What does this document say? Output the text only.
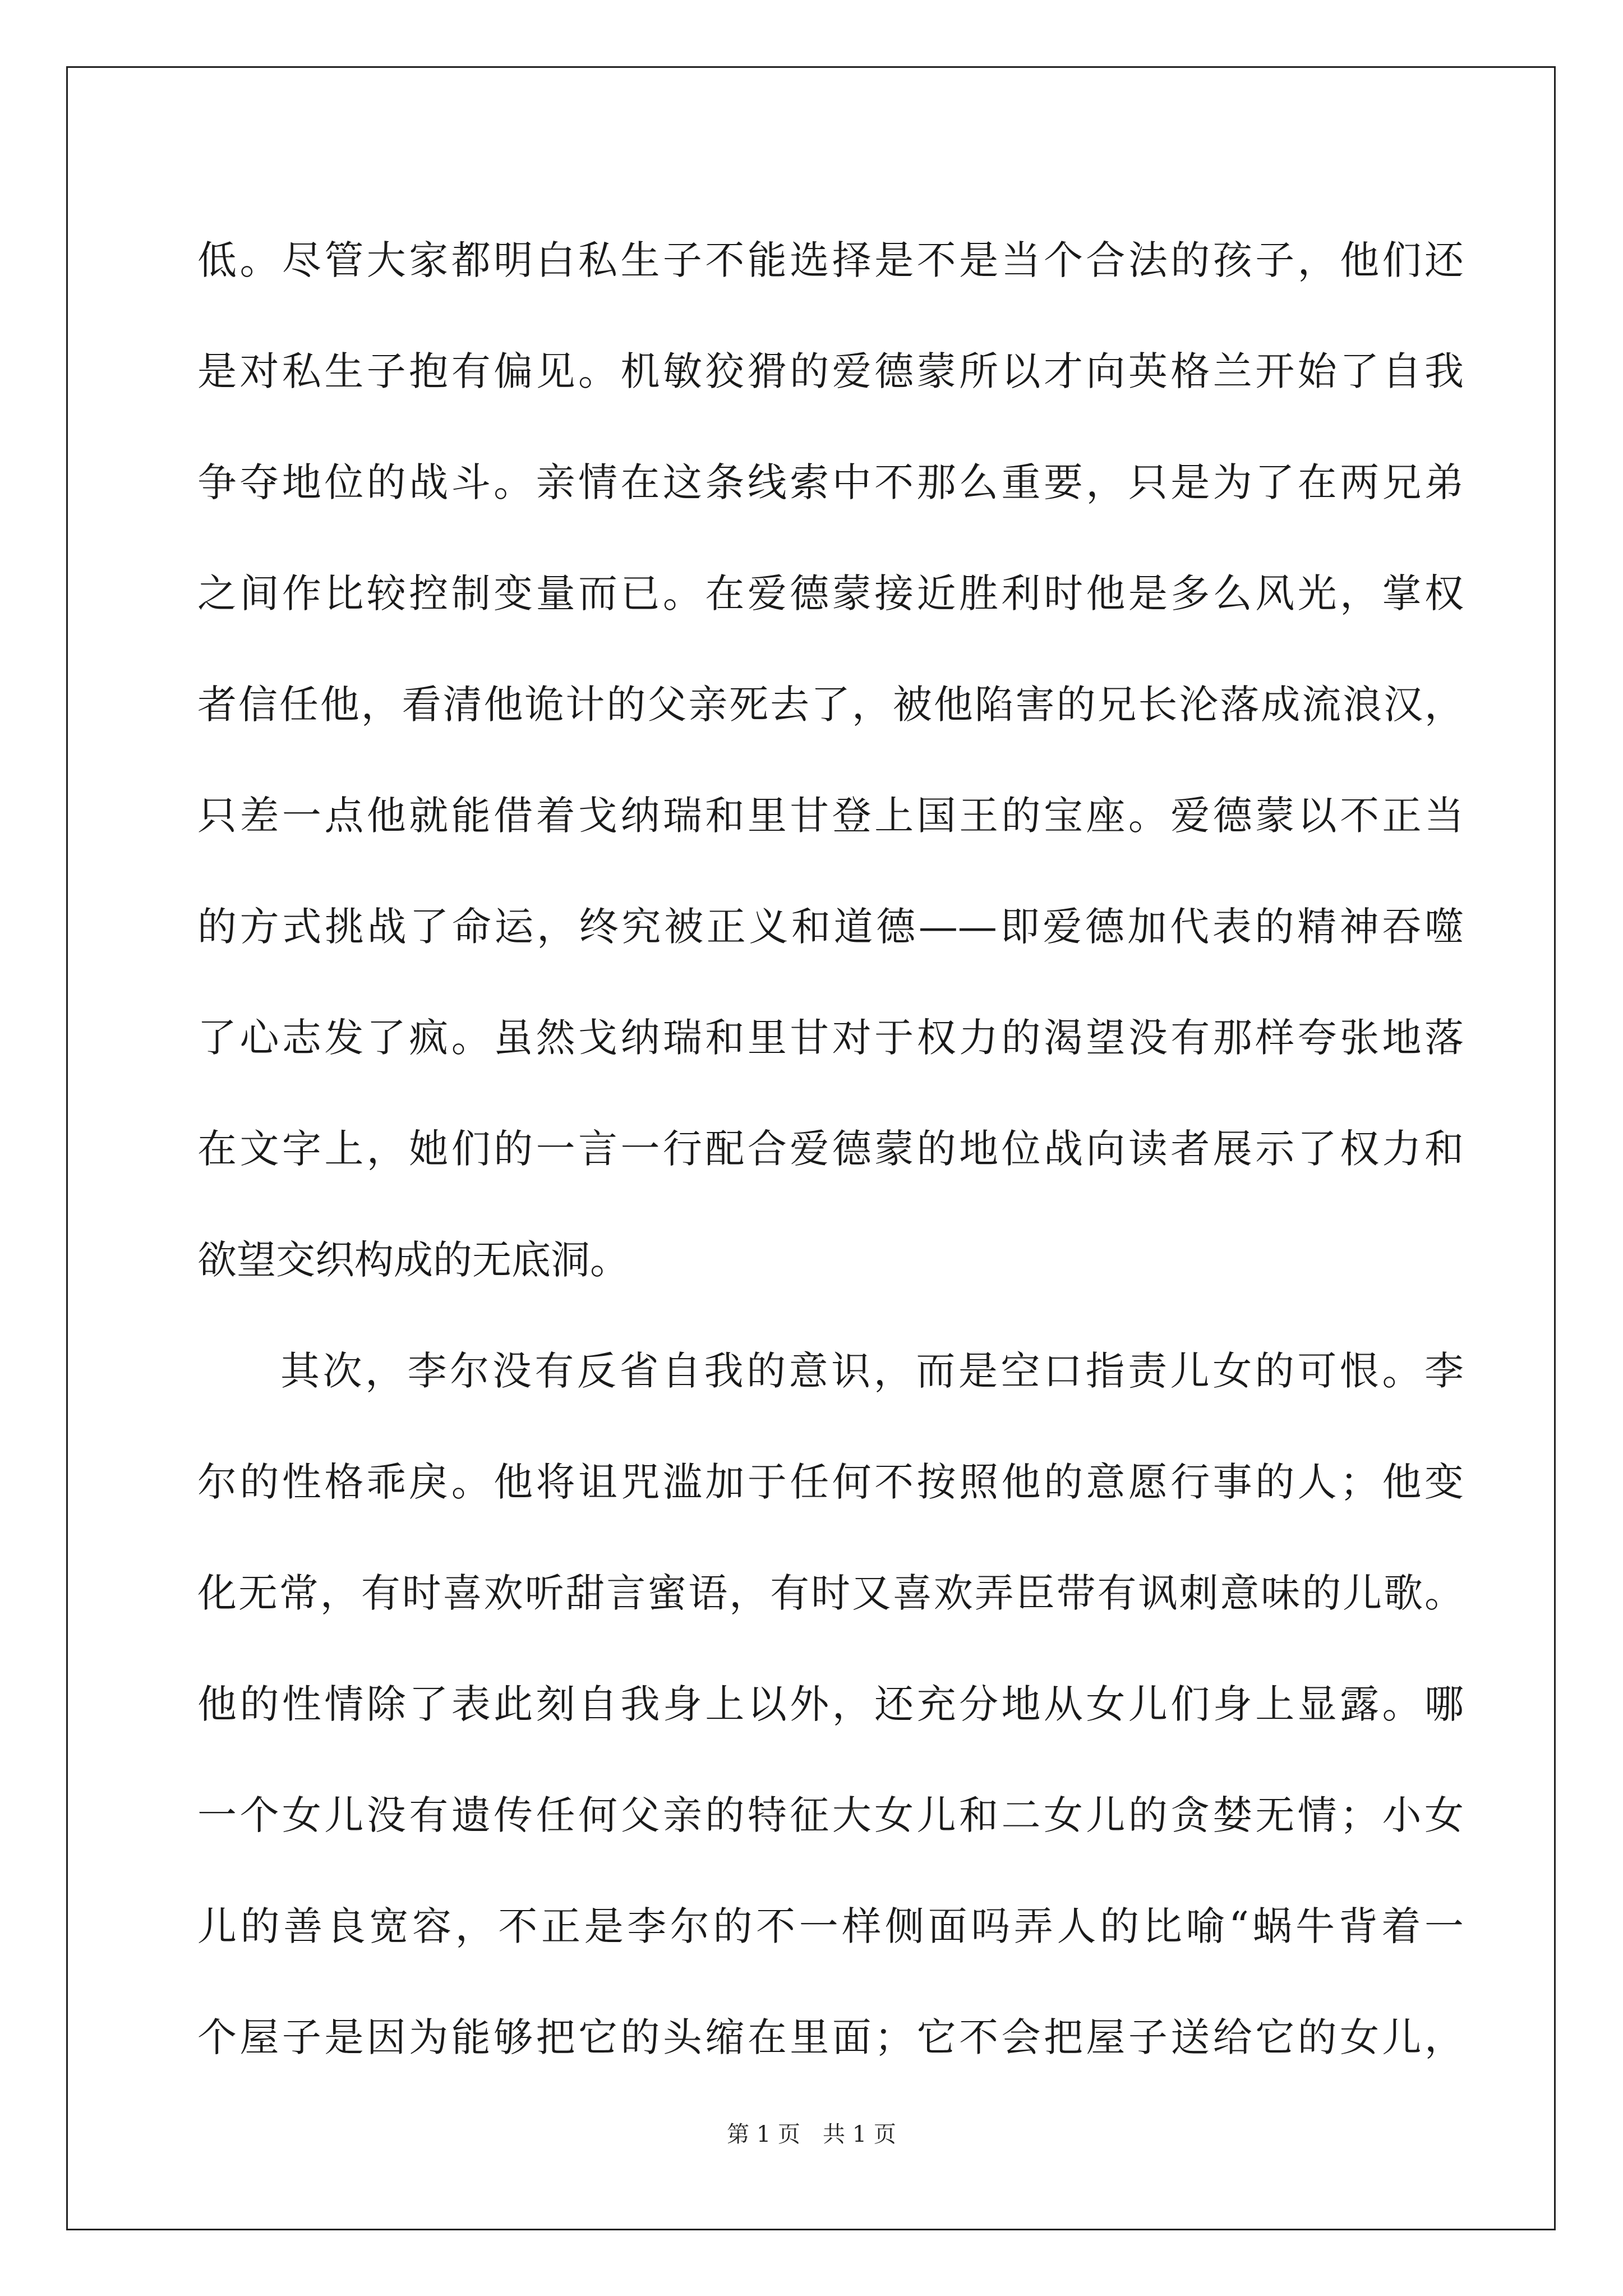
低。尽管大家都明白私生子不能选择是不是当个合法的孩子，他们还
是对私生子抱有偏见。机敏狡猾的爱德蒙所以才向英格兰开始了自我
争夺地位的战斗。亲情在这条线索中不那么重要，只是为了在两兄弟
之间作比较控制变量而已。在爱德蒙接近胜利时他是多么风光，掌权
者信任他，看清他诡计的父亲死去了，被他陷害的兄长沦落成流浪汉，
只差一点他就能借着戈纳瑞和里甘登上国王的宝座。爱德蒙以不正当
的方式挑战了命运，终究被正义和道德——即爱德加代表的精神吞噬
了心志发了疯。虽然戈纳瑞和里甘对于权力的渴望没有那样夸张地落
在文字上，她们的一言一行配合爱德蒙的地位战向读者展示了权力和
欲望交织构成的无底洞。
其次，李尔没有反省自我的意识，而是空口指责儿女的可恨。李
尔的性格乖戾。他将诅咒滥加于任何不按照他的意愿行事的人；他变
化无常，有时喜欢听甜言蜜语，有时又喜欢弄臣带有讽刺意味的儿歌。
他的性情除了表此刻自我身上以外，还充分地从女儿们身上显露。哪
一个女儿没有遗传任何父亲的特征大女儿和二女儿的贪婪无情；小女
儿的善良宽容，不正是李尔的不一样侧面吗弄人的比喻“蜗牛背着一
个屋子是因为能够把它的头缩在里面；它不会把屋子送给它的女儿，
第 1 页　共 1 页
